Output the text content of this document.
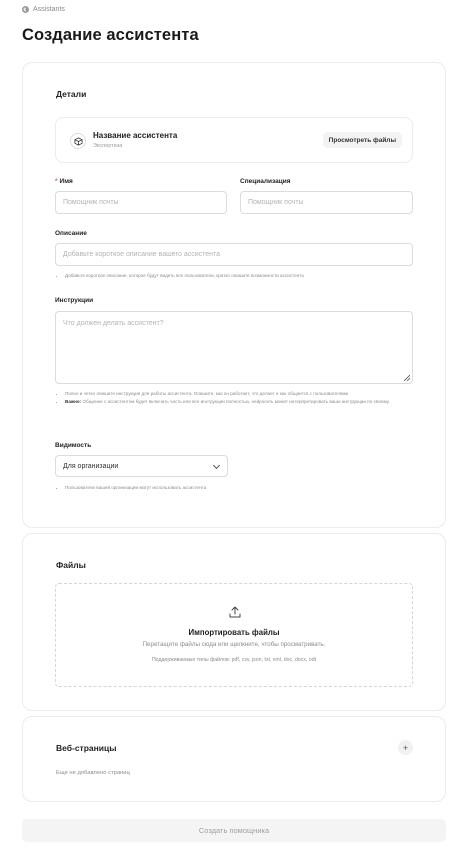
Assistants
Создание ассистента
Детали
Название ассистента
Экспертиза
Просмотреть файлы
* Имя
Помощник почты
Специализация
Помощник почты
Описание
Добавьте короткое описание вашего ассистента
• Добавьте короткое описание, которое будут видеть все пользователи, кратко опишите возможности ассистента
Инструкции
Что должен делать ассистент?
• Полно и четко опишите инструкция для работы ассистента. Опишите, как он работает, что делает и как общается с пользователями
• Важно: Общение с ассистентом будет включать часть или все инструкции полностью, нейросеть может интерпретировать ваши инструкции по-своему
Видимость
Для организации
• Пользователи вашей организации могут использовать ассистента
Файлы
Импортировать файлы
Перетащите файлы сюда или щелкните, чтобы просматривать.
Поддерживаемые типы файлов: pdf, csv, json, txt, xml, doc, docx, odt
Веб-страницы	+
Еще не добавлено страниц
Создать помощника
